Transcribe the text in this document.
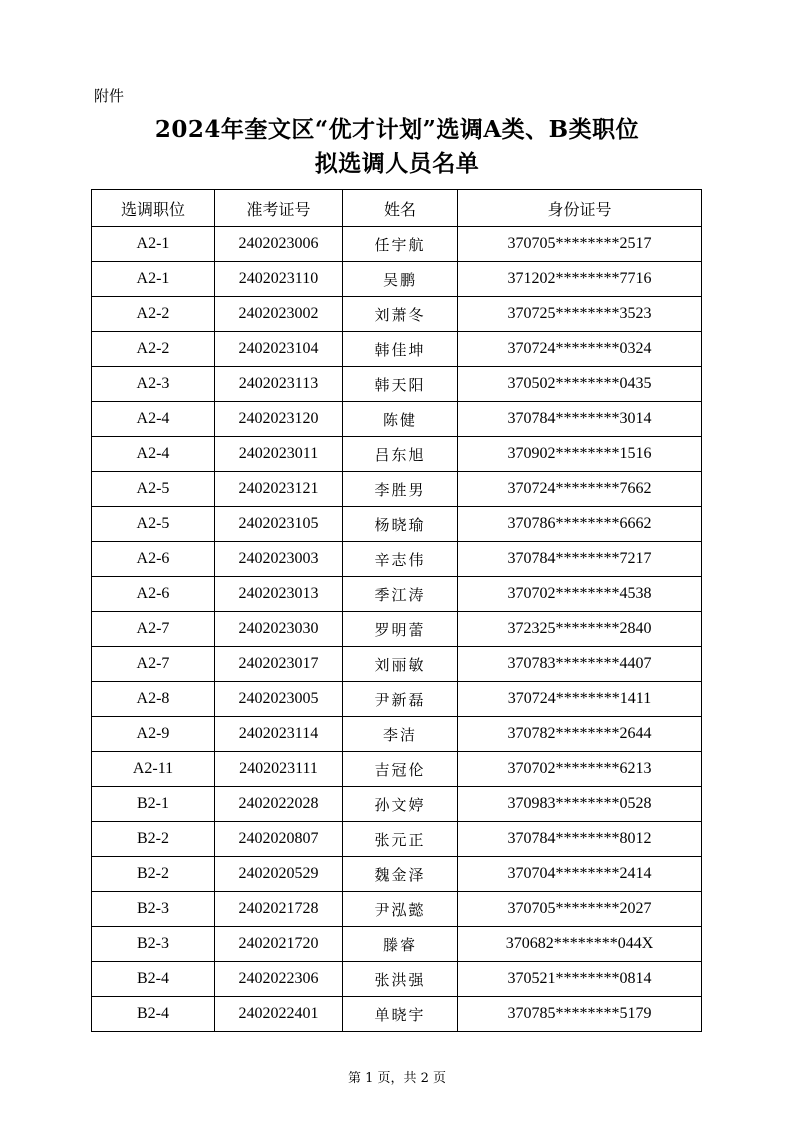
附件
2024年奎文区“优才计划”选调A类、B类职位
拟选调人员名单
选调职位	准考证号	姓名	身份证号
A2-1	2402023006	任宇航	370705********2517
A2-1	2402023110	吴鹏	371202********7716
A2-2	2402023002	刘萧冬	370725********3523
A2-2	2402023104	韩佳坤	370724********0324
A2-3	2402023113	韩天阳	370502********0435
A2-4	2402023120	陈健	370784********3014
A2-4	2402023011	吕东旭	370902********1516
A2-5	2402023121	李胜男	370724********7662
A2-5	2402023105	杨晓瑜	370786********6662
A2-6	2402023003	辛志伟	370784********7217
A2-6	2402023013	季江涛	370702********4538
A2-7	2402023030	罗明蕾	372325********2840
A2-7	2402023017	刘丽敏	370783********4407
A2-8	2402023005	尹新磊	370724********1411
A2-9	2402023114	李洁	370782********2644
A2-11	2402023111	吉冠伦	370702********6213
B2-1	2402022028	孙文婷	370983********0528
B2-2	2402020807	张元正	370784********8012
B2-2	2402020529	魏金泽	370704********2414
B2-3	2402021728	尹泓懿	370705********2027
B2-3	2402021720	滕睿	370682********044X
B2-4	2402022306	张洪强	370521********0814
B2-4	2402022401	单晓宇	370785********5179
第 1 页，共 2 页
